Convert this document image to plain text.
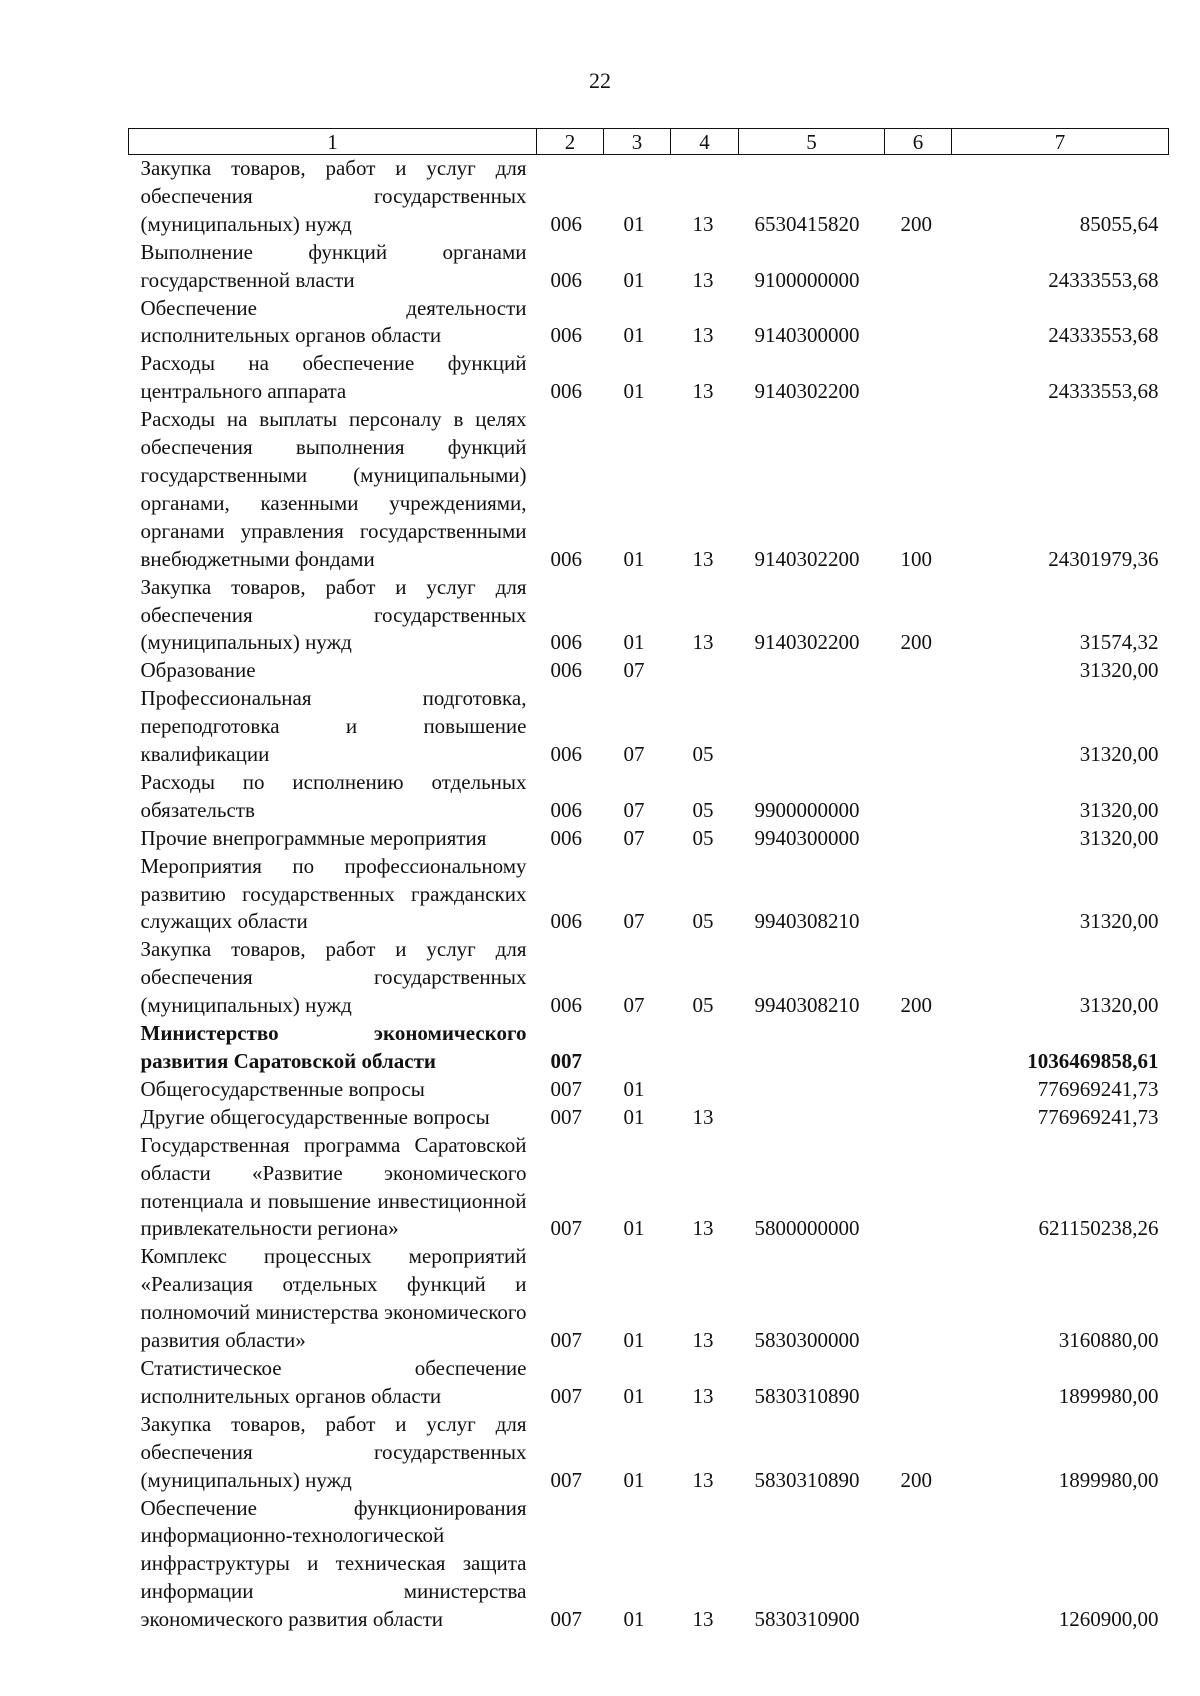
22
1	2	3	4	5	6	7
Закупка товаров, работ и услуг для обеспечения государственных (муниципальных) нужд	006	01	13	6530415820	200	85055,64
Выполнение функций органами государственной власти	006	01	13	9100000000		24333553,68
Обеспечение деятельности исполнительных органов области	006	01	13	9140300000		24333553,68
Расходы на обеспечение функций центрального аппарата	006	01	13	9140302200		24333553,68
Расходы на выплаты персоналу в целях обеспечения выполнения функций государственными (муниципальными) органами, казенными учреждениями, органами управления государственными внебюджетными фондами	006	01	13	9140302200	100	24301979,36
Закупка товаров, работ и услуг для обеспечения государственных (муниципальных) нужд	006	01	13	9140302200	200	31574,32
Образование	006	07				31320,00
Профессиональная подготовка, переподготовка и повышение квалификации	006	07	05			31320,00
Расходы по исполнению отдельных обязательств	006	07	05	9900000000		31320,00
Прочие внепрограммные мероприятия	006	07	05	9940300000		31320,00
Мероприятия по профессиональному развитию государственных гражданских служащих области	006	07	05	9940308210		31320,00
Закупка товаров, работ и услуг для обеспечения государственных (муниципальных) нужд	006	07	05	9940308210	200	31320,00
Министерство экономического развития Саратовской области	007					1036469858,61
Общегосударственные вопросы	007	01				776969241,73
Другие общегосударственные вопросы	007	01	13			776969241,73
Государственная программа Саратовской области «Развитие экономического потенциала и повышение инвестиционной привлекательности региона»	007	01	13	5800000000		621150238,26
Комплекс процессных мероприятий «Реализация отдельных функций и полномочий министерства экономического развития области»	007	01	13	5830300000		3160880,00
Статистическое обеспечение исполнительных органов области	007	01	13	5830310890		1899980,00
Закупка товаров, работ и услуг для обеспечения государственных (муниципальных) нужд	007	01	13	5830310890	200	1899980,00
Обеспечение функционирования информационно-технологической инфраструктуры и техническая защита информации министерства экономического развития области	007	01	13	5830310900		1260900,00
